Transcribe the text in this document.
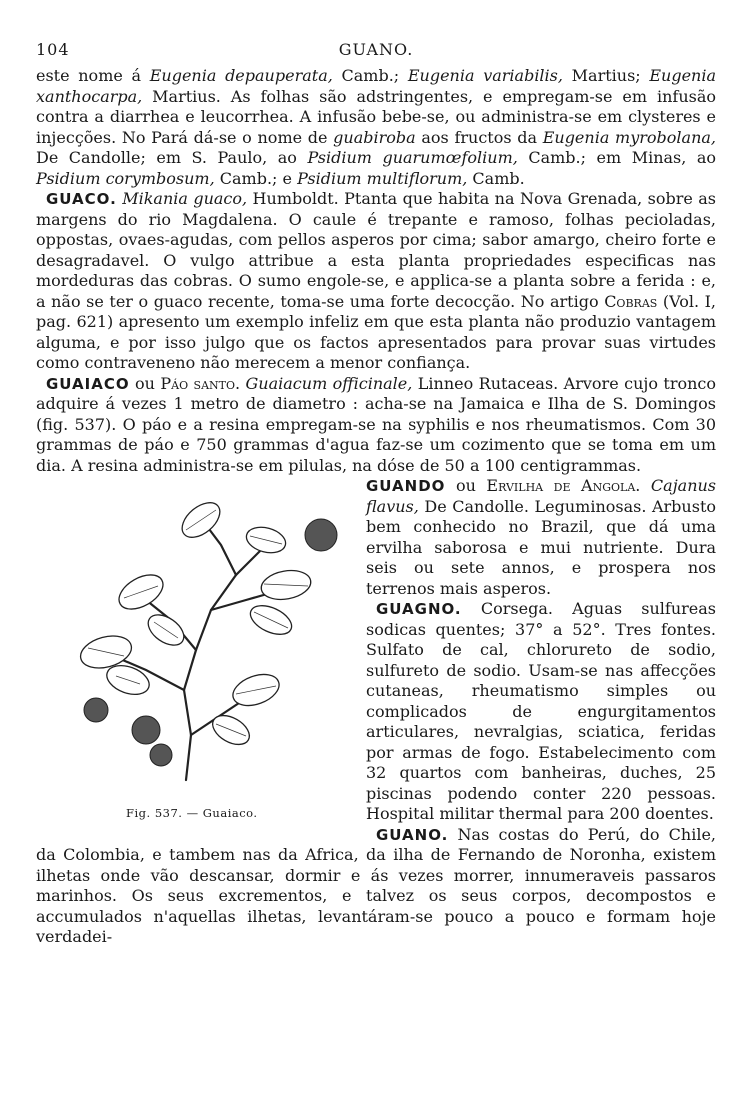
104	GUANO.

este nome á Eugenia depauperata, Camb.; Eugenia variabilis, Martius; Eugenia xanthocarpa, Martius. As folhas são adstringentes, e empregam-se em infusão contra a diarrhea e leucorrhea. A infusão bebe-se, ou administra-se em clysteres e injecções. No Pará dá-se o nome de guabiroba aos fructos da Eugenia myrobolana, De Candolle; em S. Paulo, ao Psidium guarumœfolium, Camb.; em Minas, ao Psidium corymbosum, Camb.; e Psidium multiflorum, Camb.

GUACO. Mikania guaco, Humboldt. Ptanta que habita na Nova Grenada, sobre as margens do rio Magdalena. O caule é trepante e ramoso, folhas pecioladas, oppostas, ovaes-agudas, com pellos asperos por cima; sabor amargo, cheiro forte e desagradavel. O vulgo attribue a esta planta propriedades especificas nas mordeduras das cobras. O sumo engole-se, e applica-se a planta sobre a ferida : e, a não se ter o guaco recente, toma-se uma forte decocção. No artigo Cobras (Vol. I, pag. 621) apresento um exemplo infeliz em que esta planta não produzio vantagem alguma, e por isso julgo que os factos apresentados para provar suas virtudes como contraveneno não merecem a menor confiança.

GUAIACO ou Páo santo. Guaiacum officinale, Linneo Rutaceas. Arvore cujo tronco adquire á vezes 1 metro de diametro : acha-se na Jamaica e Ilha de S. Domingos (fig. 537). O páo e a resina empregam-se na syphilis e nos rheumatismos. Com 30 grammas de páo e 750 grammas d'agua faz-se um cozimento que se toma em um dia. A resina administra-se em pilulas, na dóse de 50 a 100 centigrammas.

Fig. 537. — Guaiaco.

GUANDO ou Ervilha de Angola. Cajanus flavus, De Candolle. Leguminosas. Arbusto bem conhecido no Brazil, que dá uma ervilha saborosa e mui nutriente. Dura seis ou sete annos, e prospera nos terrenos mais asperos.

GUAGNO. Corsega. Aguas sulfureas sodicas quentes; 37° a 52°. Tres fontes. Sulfato de cal, chlorureto de sodio, sulfureto de sodio. Usam-se nas affecções cutaneas, rheumatismo simples ou complicados de engurgitamentos articulares, nevralgias, sciatica, feridas por armas de fogo. Estabelecimento com 32 quartos com banheiras, duches, 25 piscinas podendo conter 220 pessoas. Hospital militar thermal para 200 doentes.

GUANO. Nas costas do Perú, do Chile, da Colombia, e tambem nas da Africa, da ilha de Fernando de Noronha, existem ilhetas onde vão descansar, dormir e ás vezes morrer, innumeraveis passaros marinhos. Os seus excrementos, e talvez os seus corpos, decompostos e accumulados n'aquellas ilhetas, levantáram-se pouco a pouco e formam hoje verdadei-
